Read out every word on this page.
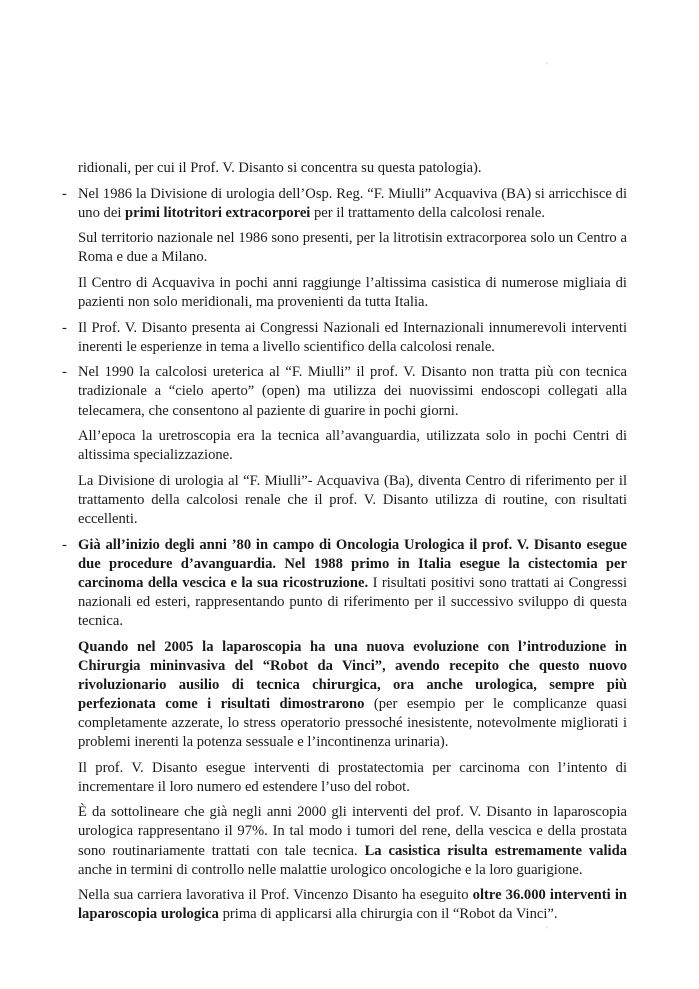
'
'

ridionali, per cui il Prof. V. Disanto si concentra su questa patologia).

- Nel 1986 la Divisione di urologia dell’Osp. Reg. “F. Miulli” Acquaviva (BA) si arricchisce di uno dei primi litotritori extracorporei per il trattamento della calcolosi renale.

Sul territorio nazionale nel 1986 sono presenti, per la litrotisin extracorporea solo un Centro a Roma e due a Milano.

Il Centro di Acquaviva in pochi anni raggiunge l’altissima casistica di numerose migliaia di pazienti non solo meridionali, ma provenienti da tutta Italia.

- Il Prof. V. Disanto presenta ai Congressi Nazionali ed Internazionali innumerevoli interventi inerenti le esperienze in tema a livello scientifico della calcolosi renale.

- Nel 1990 la calcolosi ureterica al “F. Miulli” il prof. V. Disanto non tratta più con tecnica tradizionale a “cielo aperto” (open) ma utilizza dei nuovissimi endoscopi collegati alla telecamera, che consentono al paziente di guarire in pochi giorni.

All’epoca la uretroscopia era la tecnica all’avanguardia, utilizzata solo in pochi Centri di altissima specializzazione.

La Divisione di urologia al “F. Miulli”- Acquaviva (Ba), diventa Centro di riferimento per il trattamento della calcolosi renale che il prof. V. Disanto utilizza di routine, con risultati eccellenti.

- Già all’inizio degli anni ’80 in campo di Oncologia Urologica il prof. V. Disanto esegue due procedure d’avanguardia. Nel 1988 primo in Italia esegue la cistectomia per carcinoma della vescica e la sua ricostruzione. I risultati positivi sono trattati ai Congressi nazionali ed esteri, rappresentando punto di riferimento per il successivo sviluppo di questa tecnica.

Quando nel 2005 la laparoscopia ha una nuova evoluzione con l’introduzione in Chirurgia mininvasiva del “Robot da Vinci”, avendo recepito che questo nuovo rivoluzionario ausilio di tecnica chirurgica, ora anche urologica, sempre più perfezionata come i risultati dimostrarono (per esempio per le complicanze quasi completamente azzerate, lo stress operatorio pressoché inesistente, notevolmente migliorati i problemi inerenti la potenza sessuale e l’incontinenza urinaria).

Il prof. V. Disanto esegue interventi di prostatectomia per carcinoma con l’intento di incrementare il loro numero ed estendere l’uso del robot.

È da sottolineare che già negli anni 2000 gli interventi del prof. V. Disanto in laparoscopia urologica rappresentano il 97%. In tal modo i tumori del rene, della vescica e della prostata sono routinariamente trattati con tale tecnica. La casistica risulta estremamente valida anche in termini di controllo nelle malattie urologico oncologiche e la loro guarigione.

Nella sua carriera lavorativa il Prof. Vincenzo Disanto ha eseguito oltre 36.000 interventi in laparoscopia urologica prima di applicarsi alla chirurgia con il “Robot da Vinci”.
